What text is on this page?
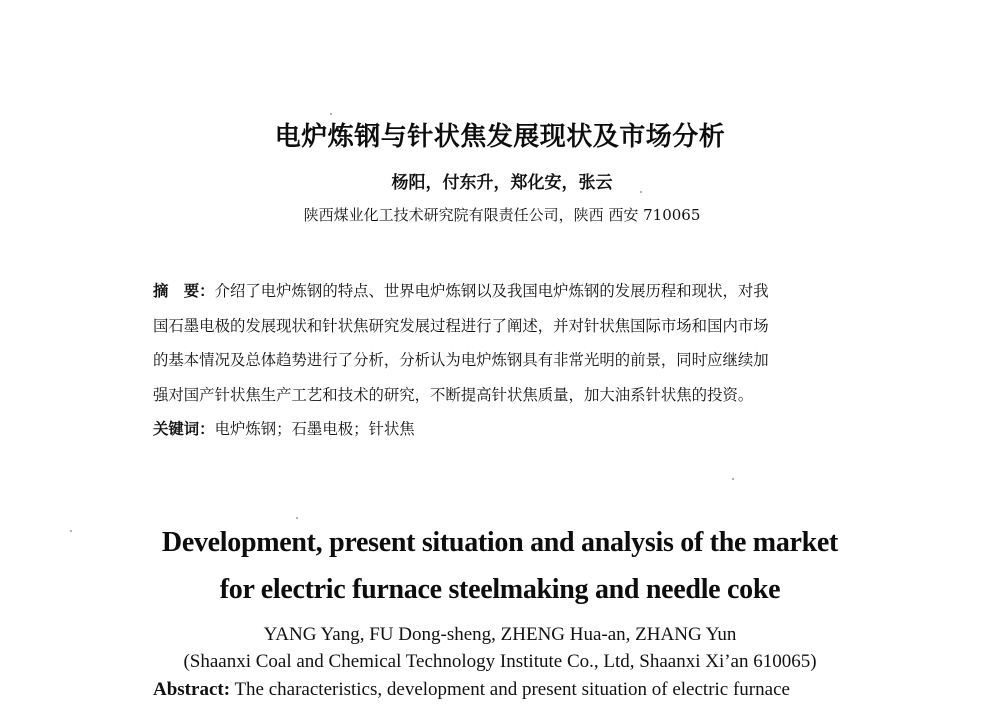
电炉炼钢与针状焦发展现状及市场分析
杨阳，付东升，郑化安，张云
陕西煤业化工技术研究院有限责任公司，陕西 西安 710065
摘　要：介绍了电炉炼钢的特点、世界电炉炼钢以及我国电炉炼钢的发展历程和现状，对我
国石墨电极的发展现状和针状焦研究发展过程进行了阐述，并对针状焦国际市场和国内市场
的基本情况及总体趋势进行了分析，分析认为电炉炼钢具有非常光明的前景，同时应继续加
强对国产针状焦生产工艺和技术的研究，不断提高针状焦质量，加大油系针状焦的投资。
关键词：电炉炼钢；石墨电极；针状焦
Development, present situation and analysis of the market
for electric furnace steelmaking and needle coke
YANG Yang, FU Dong-sheng, ZHENG Hua-an, ZHANG Yun
(Shaanxi Coal and Chemical Technology Institute Co., Ltd, Shaanxi Xi’an 610065)
Abstract: The characteristics, development and present situation of electric furnace
